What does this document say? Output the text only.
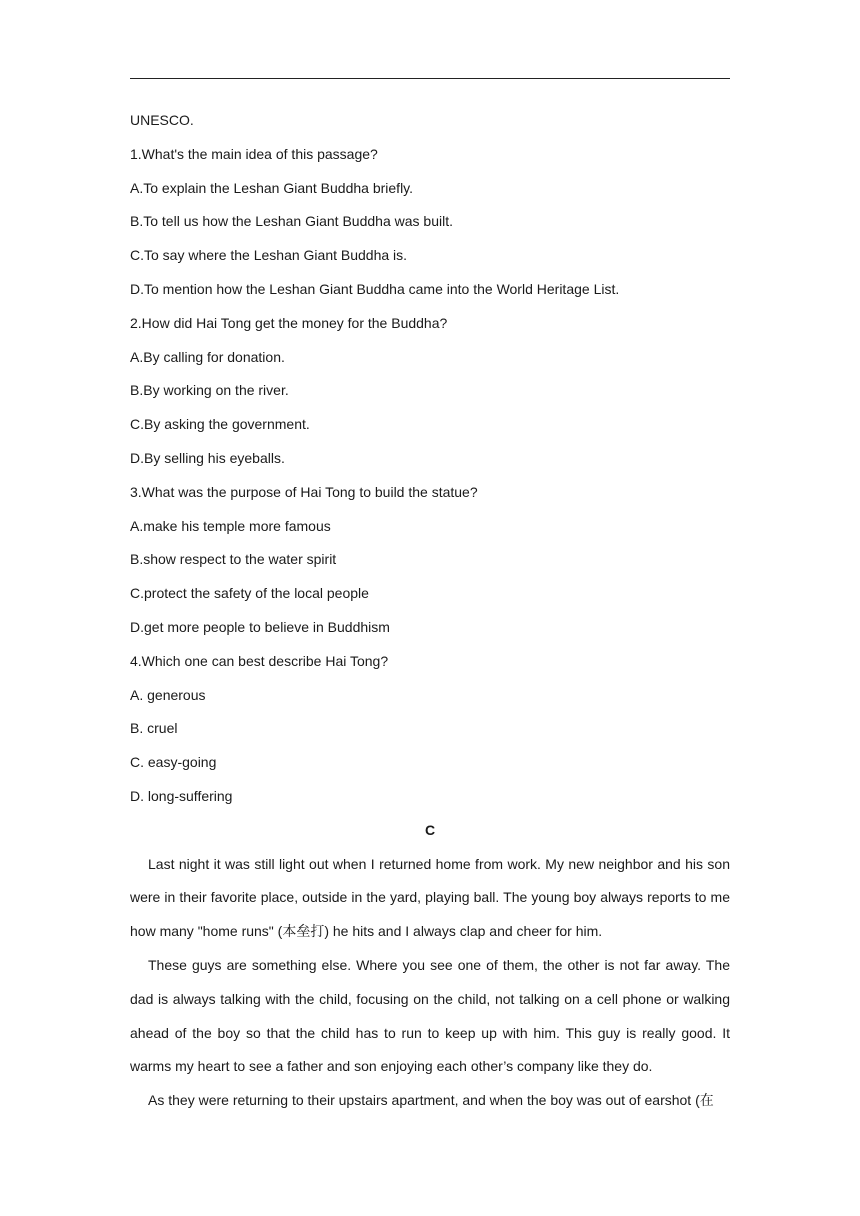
UNESCO.

1.What's the main idea of this passage?

A.To explain the Leshan Giant Buddha briefly.

B.To tell us how the Leshan Giant Buddha was built.

C.To say where the Leshan Giant Buddha is.

D.To mention how the Leshan Giant Buddha came into the World Heritage List.

2.How did Hai Tong get the money for the Buddha?

A.By calling for donation.

B.By working on the river.

C.By asking the government.

D.By selling his eyeballs.

3.What was the purpose of Hai Tong to build the statue?

A.make his temple more famous

B.show respect to the water spirit

C.protect the safety of the local people

D.get more people to believe in Buddhism

4.Which one can best describe Hai Tong?

A. generous

B. cruel

C. easy-going

D. long-suffering

C

Last night it was still light out when I returned home from work. My new neighbor and his son were in their favorite place, outside in the yard, playing ball. The young boy always reports to me how many "home runs" (本垒打) he hits and I always clap and cheer for him.

These guys are something else. Where you see one of them, the other is not far away. The dad is always talking with the child, focusing on the child, not talking on a cell phone or walking ahead of the boy so that the child has to run to keep up with him. This guy is really good. It warms my heart to see a father and son enjoying each other’s company like they do.

As they were returning to their upstairs apartment, and when the boy was out of earshot (在
